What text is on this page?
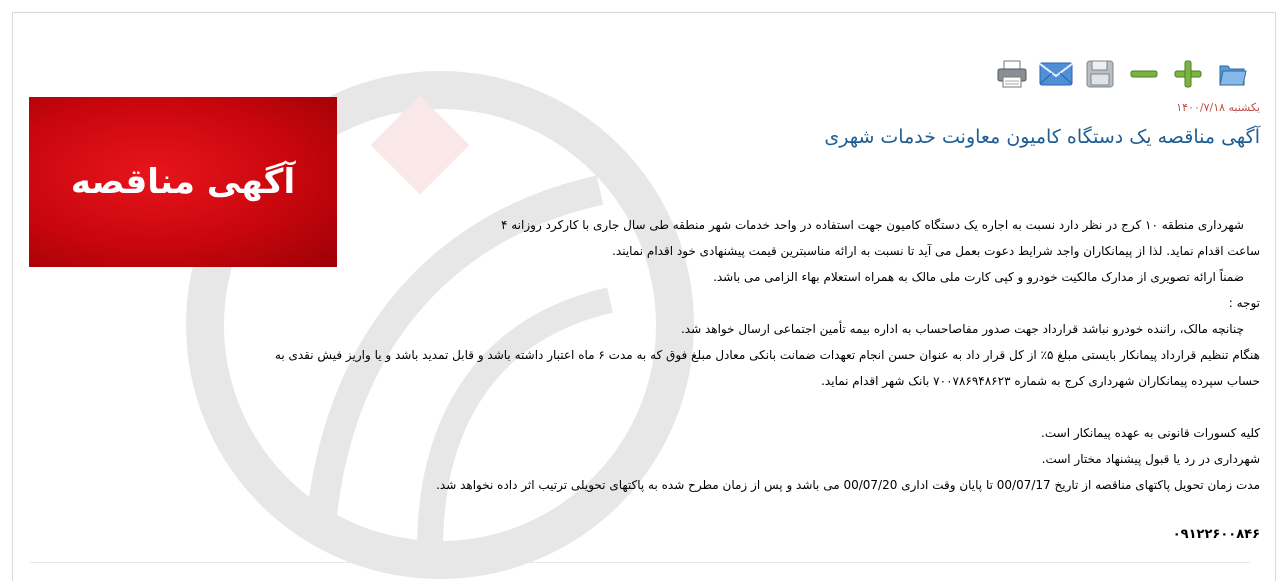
یکشنبه ۱۴۰۰/۷/۱۸
آگهی مناقصه یک دستگاه کامیون معاونت خدمات شهری
آگهی مناقصه
شهرداری منطقه ۱۰ کرج در نظر دارد نسبت به اجاره یک دستگاه کامیون جهت استفاده در واحد خدمات شهر منطقه طی سال جاری با کارکرد روزانه ۴
ساعت اقدام نماید. لذا از پیمانکاران واجد شرایط دعوت بعمل می آید تا نسبت به ارائه مناسبترین قیمت پیشنهادی خود اقدام نمایند.
ضمناً ارائه تصویری از مدارک مالکیت خودرو و کپی کارت ملی مالک به همراه استعلام بهاء الزامی می باشد.
توجه :
چنانچه مالک، راننده خودرو نباشد قرارداد جهت صدور مفاصاحساب به اداره بیمه تأمین اجتماعی ارسال خواهد شد.
هنگام تنظیم قرارداد پیمانکار بایستی مبلغ ۵٪ از کل قرار داد به عنوان حسن انجام تعهدات ضمانت بانکی معادل مبلغ فوق که به مدت ۶ ماه اعتبار داشته باشد و قابل تمدید باشد و یا واریز فیش نقدی به
حساب سپرده پیمانکاران شهرداری کرج به شماره ۷۰۰۷۸۶۹۴۸۶۲۳ بانک شهر اقدام نماید.
کلیه کسورات قانونی به عهده پیمانکار است.
شهرداری در رد یا قبول پیشنهاد مختار است.
مدت زمان تحویل پاکتهای مناقصه از تاریخ 00/07/17 تا پایان وقت اداری 00/07/20 می باشد و پس از زمان مطرح شده به پاکتهای تحویلی ترتیب اثر داده نخواهد شد.
۰۹۱۲۲۶۰۰۸۴۶
